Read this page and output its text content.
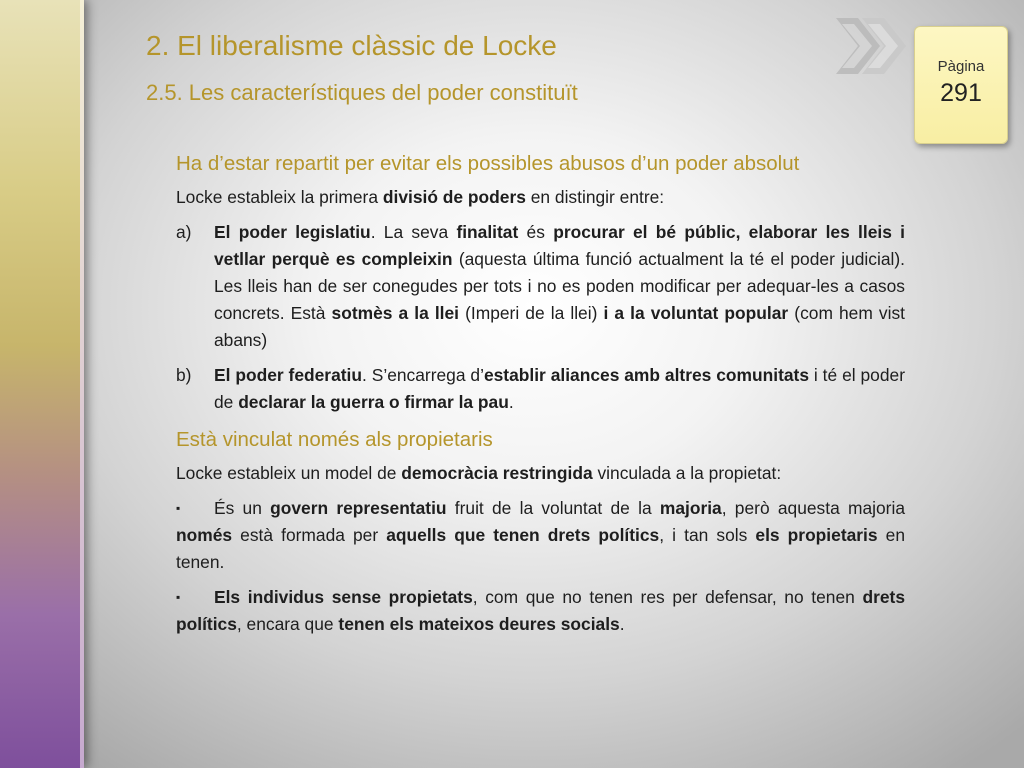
2. El liberalisme clàssic de Locke
2.5. Les característiques del poder constituït
Pàgina
291

Ha d’estar repartit per evitar els possibles abusos d’un poder absolut

Locke estableix la primera divisió de poders en distingir entre:

a) El poder legislatiu. La seva finalitat és procurar el bé públic, elaborar les lleis i vetllar perquè es compleixin (aquesta última funció actualment la té el poder judicial). Les lleis han de ser conegudes per tots i no es poden modificar per adequar-les a casos concrets. Està sotmès a la llei (Imperi de la llei) i a la voluntat popular (com hem vist abans)

b) El poder federatiu. S’encarrega d’establir aliances amb altres comunitats i té el poder de declarar la guerra o firmar la pau.

Està vinculat només als propietaris

Locke estableix un model de democràcia restringida vinculada a la propietat:

▪ És un govern representatiu fruit de la voluntat de la majoria, però aquesta majoria només està formada per aquells que tenen drets polítics, i tan sols els propietaris en tenen.

▪ Els individus sense propietats, com que no tenen res per defensar, no tenen drets polítics, encara que tenen els mateixos deures socials.
